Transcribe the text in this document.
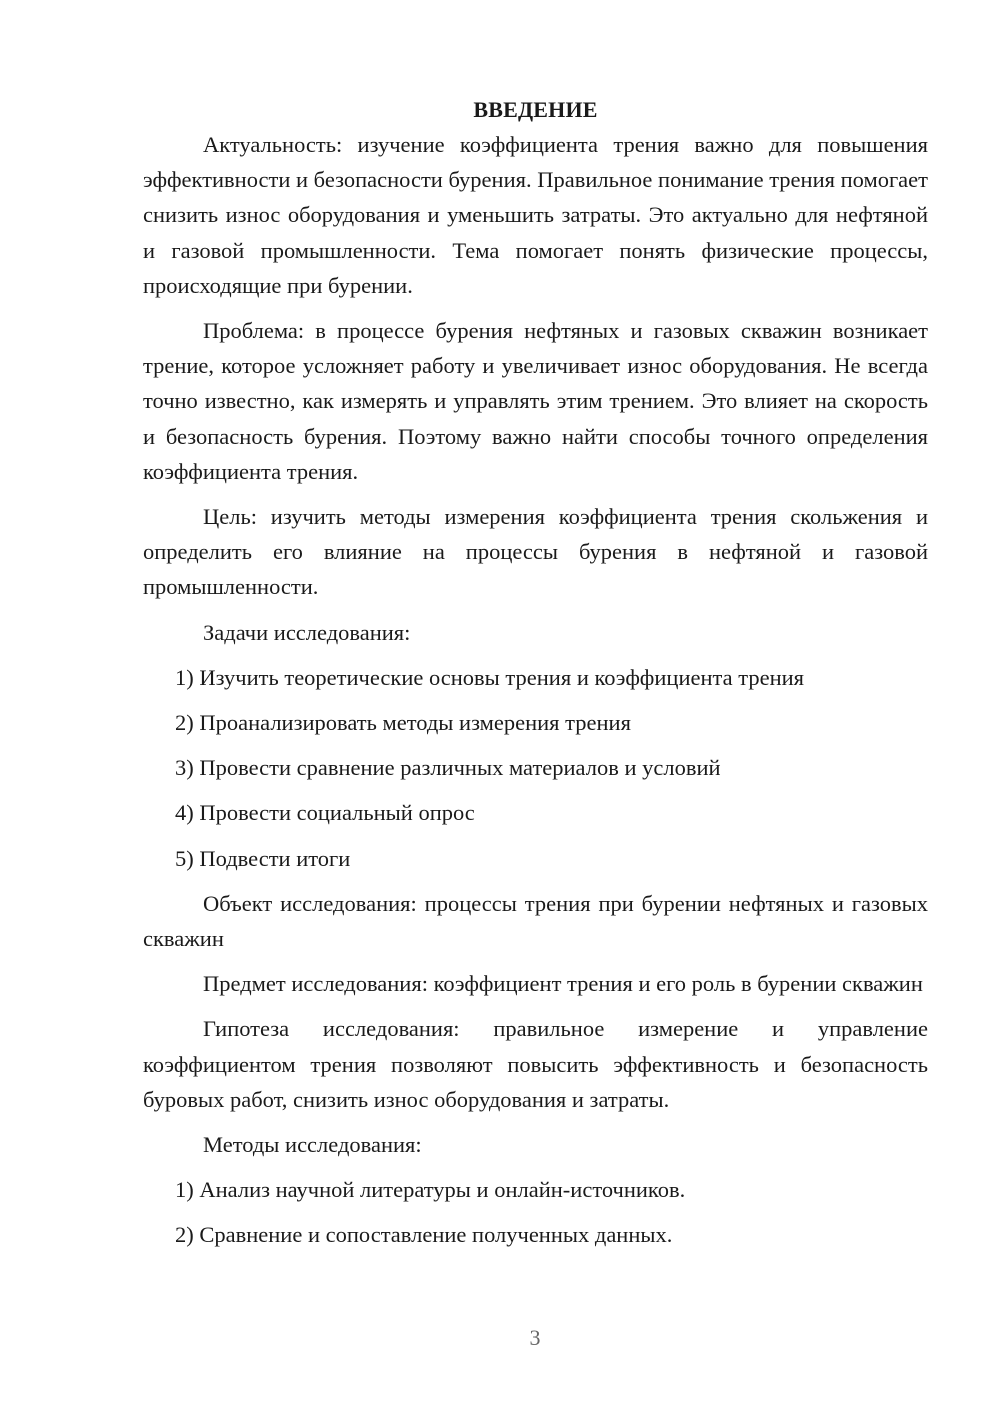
ВВЕДЕНИЕ

Актуальность: изучение коэффициента трения важно для повышения эффективности и безопасности бурения. Правильное понимание трения помогает снизить износ оборудования и уменьшить затраты. Это актуально для нефтяной и газовой промышленности. Тема помогает понять физические процессы, происходящие при бурении.

Проблема: в процессе бурения нефтяных и газовых скважин возникает трение, которое усложняет работу и увеличивает износ оборудования. Не всегда точно известно, как измерять и управлять этим трением. Это влияет на скорость и безопасность бурения. Поэтому важно найти способы точного определения коэффициента трения.

Цель: изучить методы измерения коэффициента трения скольжения и определить его влияние на процессы бурения в нефтяной и газовой промышленности.

Задачи исследования:

1) Изучить теоретические основы трения и коэффициента трения
2) Проанализировать методы измерения трения
3) Провести сравнение различных материалов и условий
4) Провести социальный опрос
5) Подвести итоги

Объект исследования: процессы трения при бурении нефтяных и газовых скважин

Предмет исследования: коэффициент трения и его роль в бурении скважин

Гипотеза исследования: правильное измерение и управление коэффициентом трения позволяют повысить эффективность и безопасность буровых работ, снизить износ оборудования и затраты.

Методы исследования:

1) Анализ научной литературы и онлайн-источников.
2) Сравнение и сопоставление полученных данных.
3
